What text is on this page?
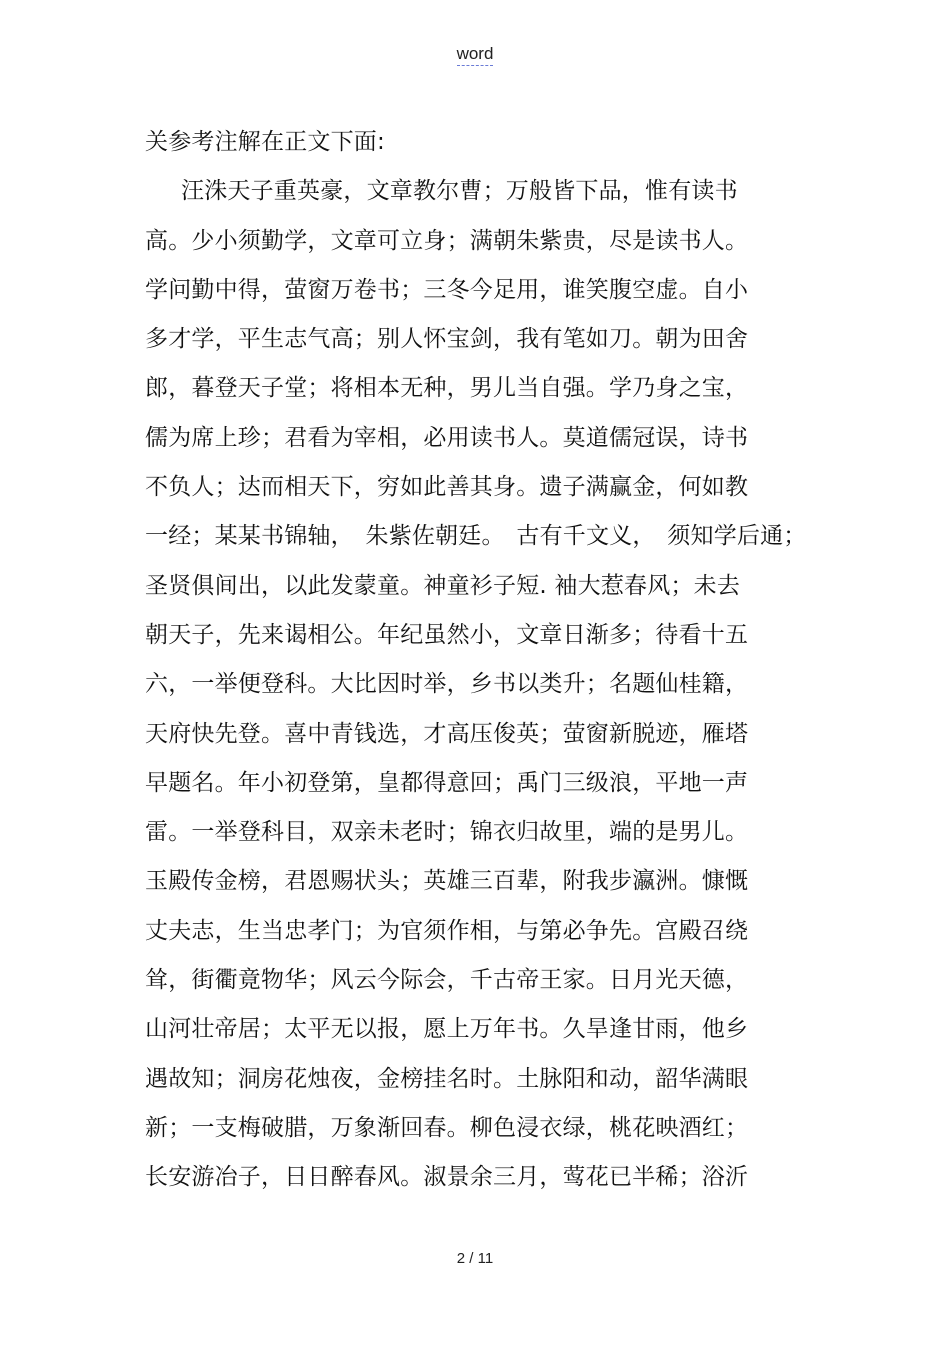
word
关参考注解在正文下面:
汪洙天子重英豪，文章教尔曹；万般皆下品，惟有读书
高。少小须勤学，文章可立身；满朝朱紫贵，尽是读书人。
学问勤中得，萤窗万卷书；三冬今足用，谁笑腹空虚。自小
多才学，平生志气高；别人怀宝剑，我有笔如刀。朝为田舍
郎，暮登天子堂；将相本无种，男儿当自强。学乃身之宝，
儒为席上珍；君看为宰相，必用读书人。莫道儒冠误，诗书
不负人；达而相天下，穷如此善其身。遗子满赢金，何如教
一经；某某书锦轴，　朱紫佐朝廷。　古有千文义，　须知学后通；
圣贤俱间出，以此发蒙童。神童衫子短. 袖大惹春风；未去
朝天子，先来谒相公。年纪虽然小，文章日渐多；待看十五
六，一举便登科。大比因时举，乡书以类升；名题仙桂籍，
天府快先登。喜中青钱选，才高压俊英；萤窗新脱迹，雁塔
早题名。年小初登第，皇都得意回；禹门三级浪，平地一声
雷。一举登科目，双亲未老时；锦衣归故里，端的是男儿。
玉殿传金榜，君恩赐状头；英雄三百辈，附我步瀛洲。慷慨
丈夫志，生当忠孝门；为官须作相，与第必争先。宫殿召绕
耸，街衢竟物华；风云今际会，千古帝王家。日月光天德，
山河壮帝居；太平无以报，愿上万年书。久旱逢甘雨，他乡
遇故知；洞房花烛夜，金榜挂名时。土脉阳和动，韶华满眼
新；一支梅破腊，万象渐回春。柳色浸衣绿，桃花映酒红；
长安游冶子，日日醉春风。淑景余三月，莺花已半稀；浴沂
2 / 11
